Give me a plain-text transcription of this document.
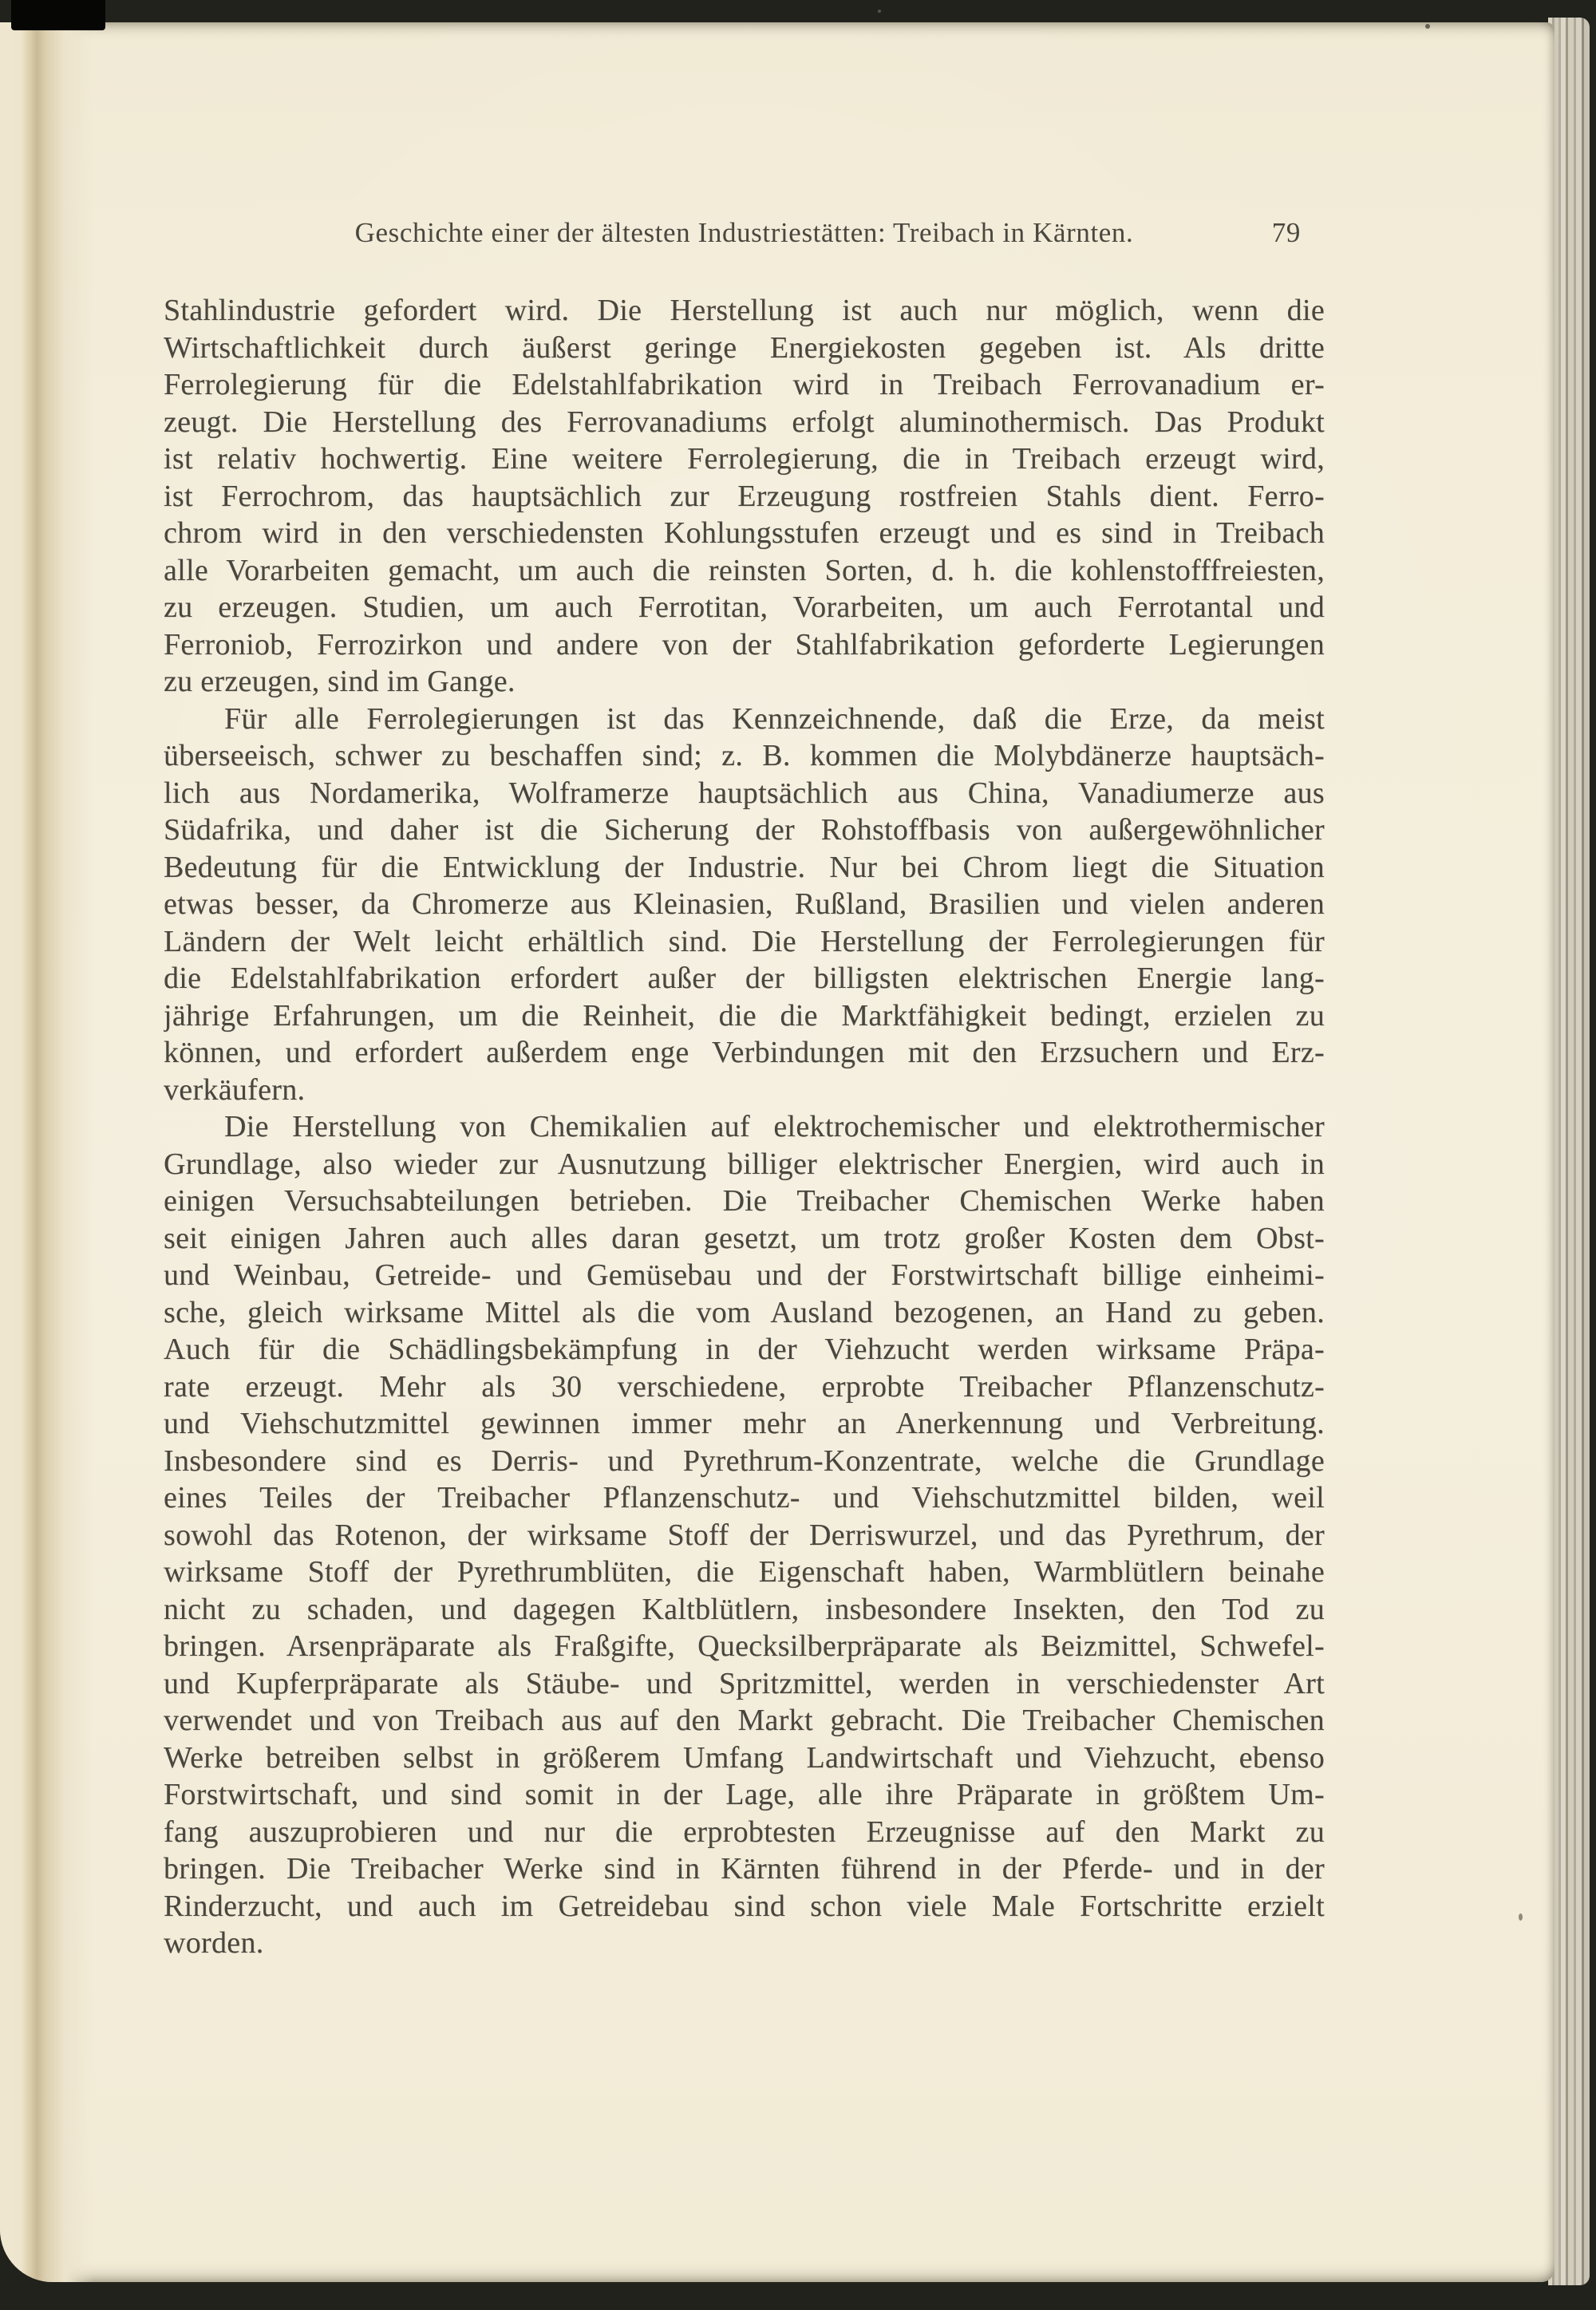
Geschichte einer der ältesten Industriestätten: Treibach in Kärnten.	79
Stahlindustrie gefordert wird. Die Herstellung ist auch nur möglich, wenn die
Wirtschaftlichkeit durch äußerst geringe Energiekosten gegeben ist. Als dritte
Ferrolegierung für die Edelstahlfabrikation wird in Treibach Ferrovanadium er-
zeugt. Die Herstellung des Ferrovanadiums erfolgt aluminothermisch. Das Produkt
ist relativ hochwertig. Eine weitere Ferrolegierung, die in Treibach erzeugt wird,
ist Ferrochrom, das hauptsächlich zur Erzeugung rostfreien Stahls dient. Ferro-
chrom wird in den verschiedensten Kohlungsstufen erzeugt und es sind in Treibach
alle Vorarbeiten gemacht, um auch die reinsten Sorten, d. h. die kohlenstofffreiesten,
zu erzeugen. Studien, um auch Ferrotitan, Vorarbeiten, um auch Ferrotantal und
Ferroniob, Ferrozirkon und andere von der Stahlfabrikation geforderte Legierungen
zu erzeugen, sind im Gange.
Für alle Ferrolegierungen ist das Kennzeichnende, daß die Erze, da meist
überseeisch, schwer zu beschaffen sind; z. B. kommen die Molybdänerze hauptsäch-
lich aus Nordamerika, Wolframerze hauptsächlich aus China, Vanadiumerze aus
Südafrika, und daher ist die Sicherung der Rohstoffbasis von außergewöhnlicher
Bedeutung für die Entwicklung der Industrie. Nur bei Chrom liegt die Situation
etwas besser, da Chromerze aus Kleinasien, Rußland, Brasilien und vielen anderen
Ländern der Welt leicht erhältlich sind. Die Herstellung der Ferrolegierungen für
die Edelstahlfabrikation erfordert außer der billigsten elektrischen Energie lang-
jährige Erfahrungen, um die Reinheit, die die Marktfähigkeit bedingt, erzielen zu
können, und erfordert außerdem enge Verbindungen mit den Erzsuchern und Erz-
verkäufern.
Die Herstellung von Chemikalien auf elektrochemischer und elektrothermischer
Grundlage, also wieder zur Ausnutzung billiger elektrischer Energien, wird auch in
einigen Versuchsabteilungen betrieben. Die Treibacher Chemischen Werke haben
seit einigen Jahren auch alles daran gesetzt, um trotz großer Kosten dem Obst-
und Weinbau, Getreide- und Gemüsebau und der Forstwirtschaft billige einheimi-
sche, gleich wirksame Mittel als die vom Ausland bezogenen, an Hand zu geben.
Auch für die Schädlingsbekämpfung in der Viehzucht werden wirksame Präpa-
rate erzeugt. Mehr als 30 verschiedene, erprobte Treibacher Pflanzenschutz-
und Viehschutzmittel gewinnen immer mehr an Anerkennung und Verbreitung.
Insbesondere sind es Derris- und Pyrethrum-Konzentrate, welche die Grundlage
eines Teiles der Treibacher Pflanzenschutz- und Viehschutzmittel bilden, weil
sowohl das Rotenon, der wirksame Stoff der Derriswurzel, und das Pyrethrum, der
wirksame Stoff der Pyrethrumblüten, die Eigenschaft haben, Warmblütlern beinahe
nicht zu schaden, und dagegen Kaltblütlern, insbesondere Insekten, den Tod zu
bringen. Arsenpräparate als Fraßgifte, Quecksilberpräparate als Beizmittel, Schwefel-
und Kupferpräparate als Stäube- und Spritzmittel, werden in verschiedenster Art
verwendet und von Treibach aus auf den Markt gebracht. Die Treibacher Chemischen
Werke betreiben selbst in größerem Umfang Landwirtschaft und Viehzucht, ebenso
Forstwirtschaft, und sind somit in der Lage, alle ihre Präparate in größtem Um-
fang auszuprobieren und nur die erprobtesten Erzeugnisse auf den Markt zu
bringen. Die Treibacher Werke sind in Kärnten führend in der Pferde- und in der
Rinderzucht, und auch im Getreidebau sind schon viele Male Fortschritte erzielt
worden.
